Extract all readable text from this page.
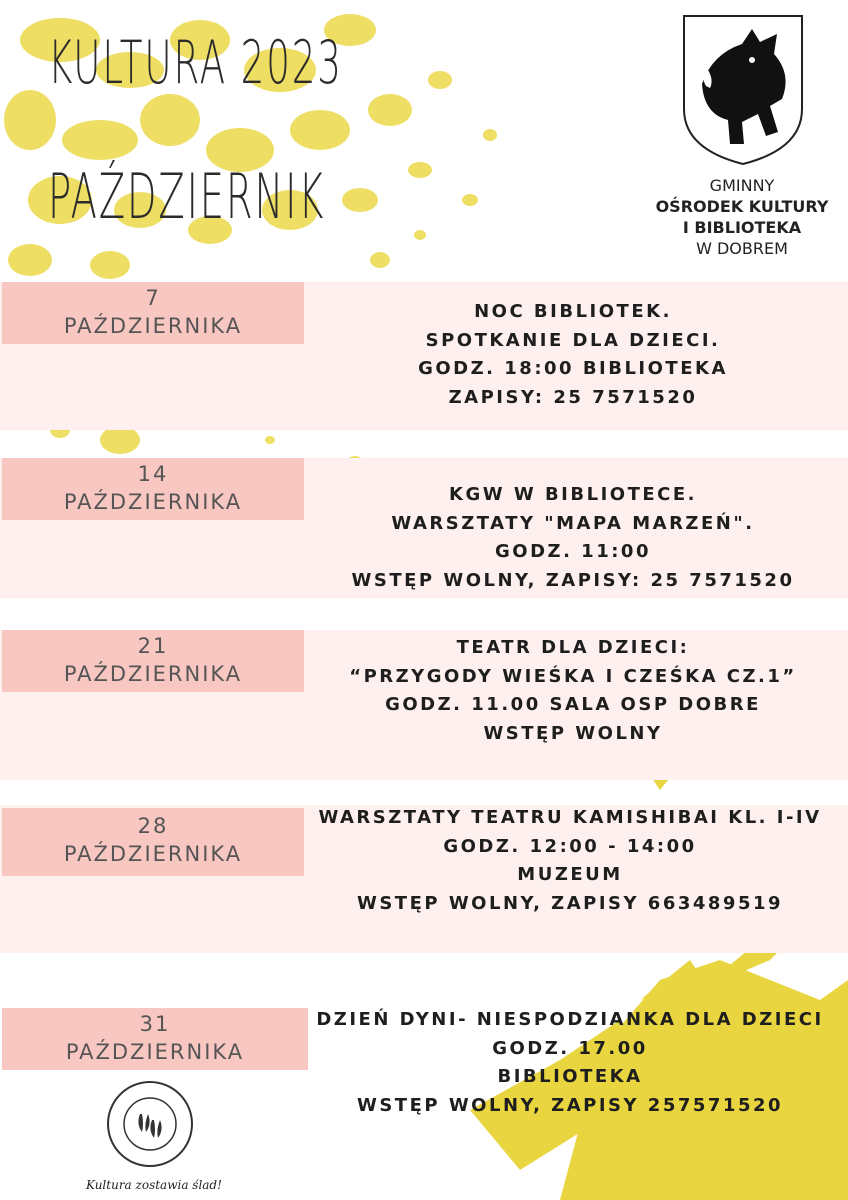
KULTURA 2023
PAŹDZIERNIK	GMINNY
OŚRODEK KULTURY
I BIBLIOTEKA
W DOBREM
7
PAŹDZIERNIKA
NOC BIBLIOTEK.
SPOTKANIE DLA DZIECI.
GODZ. 18:00 BIBLIOTEKA
ZAPISY: 25 7571520
14
PAŹDZIERNIKA	KGW W BIBLIOTECE.
WARSZTATY "MAPA MARZEŃ".
GODZ. 11:00
WSTĘP WOLNY, ZAPISY: 25 7571520
21
PAŹDZIERNIKA
TEATR DLA DZIECI:
“PRZYGODY WIEŚKA I CZEŚKA CZ.1”
GODZ. 11.00 SALA OSP DOBRE
WSTĘP WOLNY
28
PAŹDZIERNIKA
WARSZTATY TEATRU KAMISHIBAI KL. I-IV
GODZ. 12:00 - 14:00
MUZEUM
WSTĘP WOLNY, ZAPISY 663489519
31
PAŹDZIERNIKA
DZIEŃ DYNI- NIESPODZIANKA DLA DZIECI
GODZ. 17.00
BIBLIOTEKA
WSTĘP WOLNY, ZAPISY 257571520
Kultura zostawia ślad!
